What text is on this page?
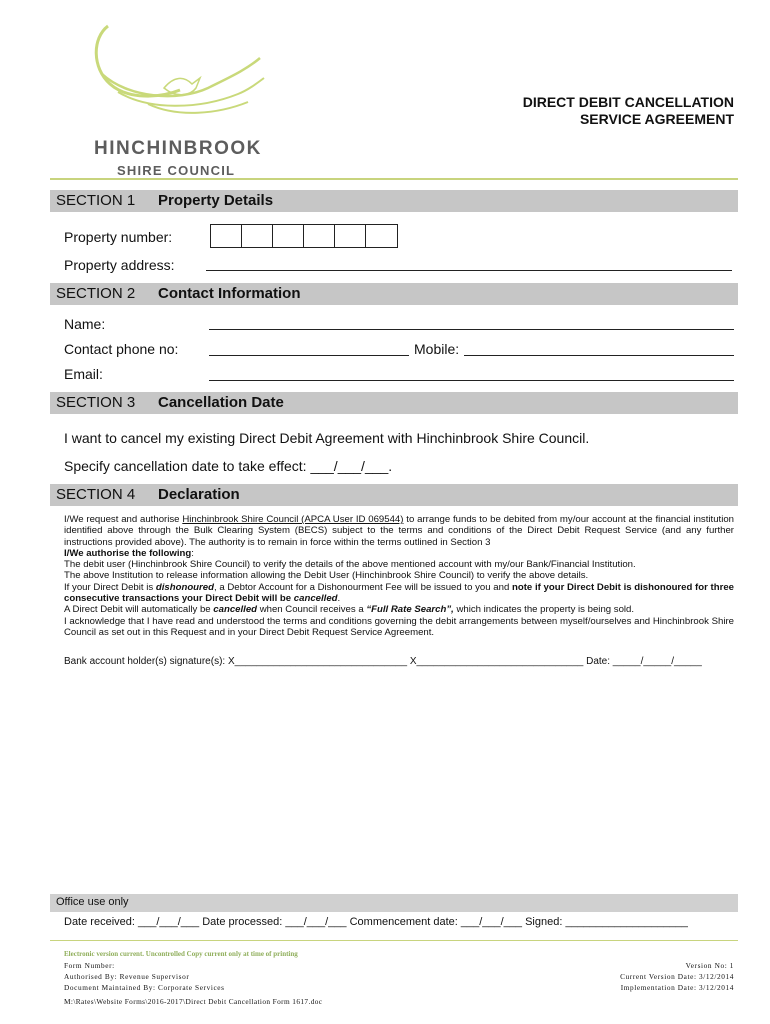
HINCHINBROOK
SHIRE COUNCIL
DIRECT DEBIT CANCELLATION
SERVICE AGREEMENT
SECTION 1 Property Details
Property number:
Property address:
SECTION 2 Contact Information
Name:
Contact phone no:	Mobile:
Email:
SECTION 3 Cancellation Date
I want to cancel my existing Direct Debit Agreement with Hinchinbrook Shire Council.
Specify cancellation date to take effect: ___/___/___.
SECTION 4 Declaration

I/We request and authorise Hinchinbrook Shire Council (APCA User ID 069544) to arrange funds to be debited from my/our account at the financial institution identified above through the Bulk Clearing System (BECS) subject to the terms and conditions of the Direct Debit Request Service (and any further instructions provided above). The authority is to remain in force within the terms outlined in Section 3

I/We authorise the following:

The debit user (Hinchinbrook Shire Council) to verify the details of the above mentioned account with my/our Bank/Financial Institution.

The above Institution to release information allowing the Debit User (Hinchinbrook Shire Council) to verify the above details.

If your Direct Debit is dishonoured, a Debtor Account for a Dishonourment Fee will be issued to you and note if your Direct Debit is dishonoured for three consecutive transactions your Direct Debit will be cancelled.

A Direct Debit will automatically be cancelled when Council receives a “Full Rate Search”, which indicates the property is being sold.

I acknowledge that I have read and understood the terms and conditions governing the debit arrangements between myself/ourselves and Hinchinbrook Shire Council as set out in this Request and in your Direct Debit Request Service Agreement.

Bank account holder(s) signature(s): X_______________________________ X______________________________ Date: _____/_____/_____
Office use only
Date received: ___/___/___ Date processed: ___/___/___ Commencement date: ___/___/___ Signed: ____________________
Electronic version current. Uncontrolled Copy current only at time of printing
Form Number:
Authorised By: Revenue Supervisor
Document Maintained By: Corporate Services
Version No: 1
Current Version Date: 3/12/2014
Implementation Date: 3/12/2014
M:\Rates\Website Forms\2016-2017\Direct Debit Cancellation Form 1617.doc
